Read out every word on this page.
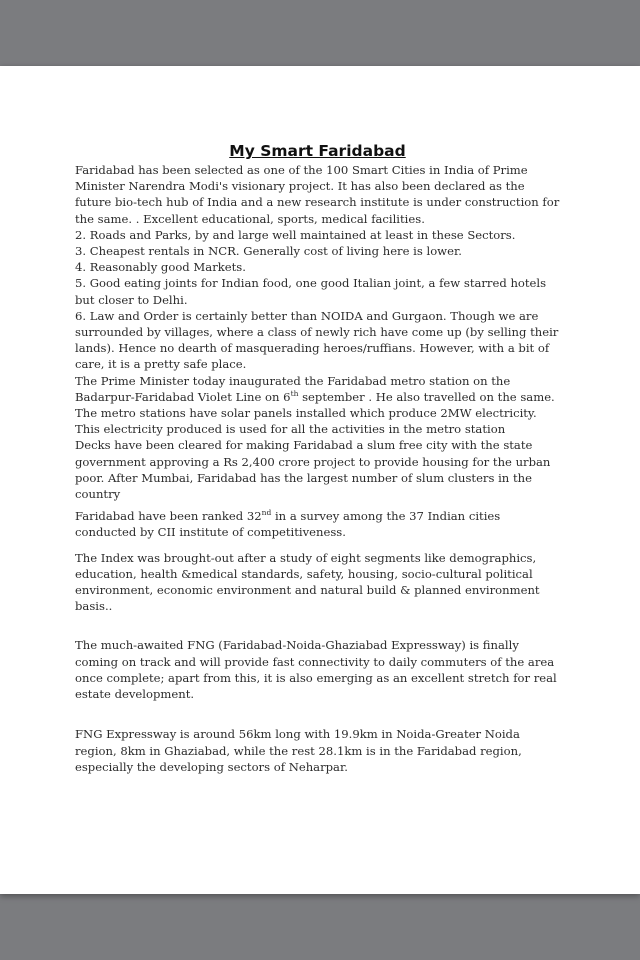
My Smart Faridabad

Faridabad has been selected as one of the 100 Smart Cities in India of Prime Minister Narendra Modi's visionary project. It has also been declared as the future bio-tech hub of India and a new research institute is under construction for the same. . Excellent educational, sports, medical facilities.

2. Roads and Parks, by and large well maintained at least in these Sectors.

3. Cheapest rentals in NCR. Generally cost of living here is lower.

4. Reasonably good Markets.

5. Good eating joints for Indian food, one good Italian joint, a few starred hotels but closer to Delhi.

6. Law and Order is certainly better than NOIDA and Gurgaon. Though we are surrounded by villages, where a class of newly rich have come up (by selling their lands). Hence no dearth of masquerading heroes/ruffians. However, with a bit of care, it is a pretty safe place.

The Prime Minister today inaugurated the Faridabad metro station on the Badarpur-Faridabad Violet Line on 6th september . He also travelled on the same. The metro stations have solar panels installed which produce 2MW electricity. This electricity produced is used for all the activities in the metro station

Decks have been cleared for making Faridabad a slum free city with the state government approving a Rs 2,400 crore project to provide housing for the urban poor. After Mumbai, Faridabad has the largest number of slum clusters in the country

Faridabad have been ranked 32nd in a survey among the 37 Indian cities conducted by CII institute of competitiveness.

The Index was brought-out after a study of eight segments like demographics, education, health &medical standards, safety, housing, socio-cultural political environment, economic environment and natural build & planned environment basis..

The much-awaited FNG (Faridabad-Noida-Ghaziabad Expressway) is finally coming on track and will provide fast connectivity to daily commuters of the area once complete; apart from this, it is also emerging as an excellent stretch for real estate development.

FNG Expressway is around 56km long with 19.9km in Noida-Greater Noida region, 8km in Ghaziabad, while the rest 28.1km is in the Faridabad region, especially the developing sectors of Neharpar.
